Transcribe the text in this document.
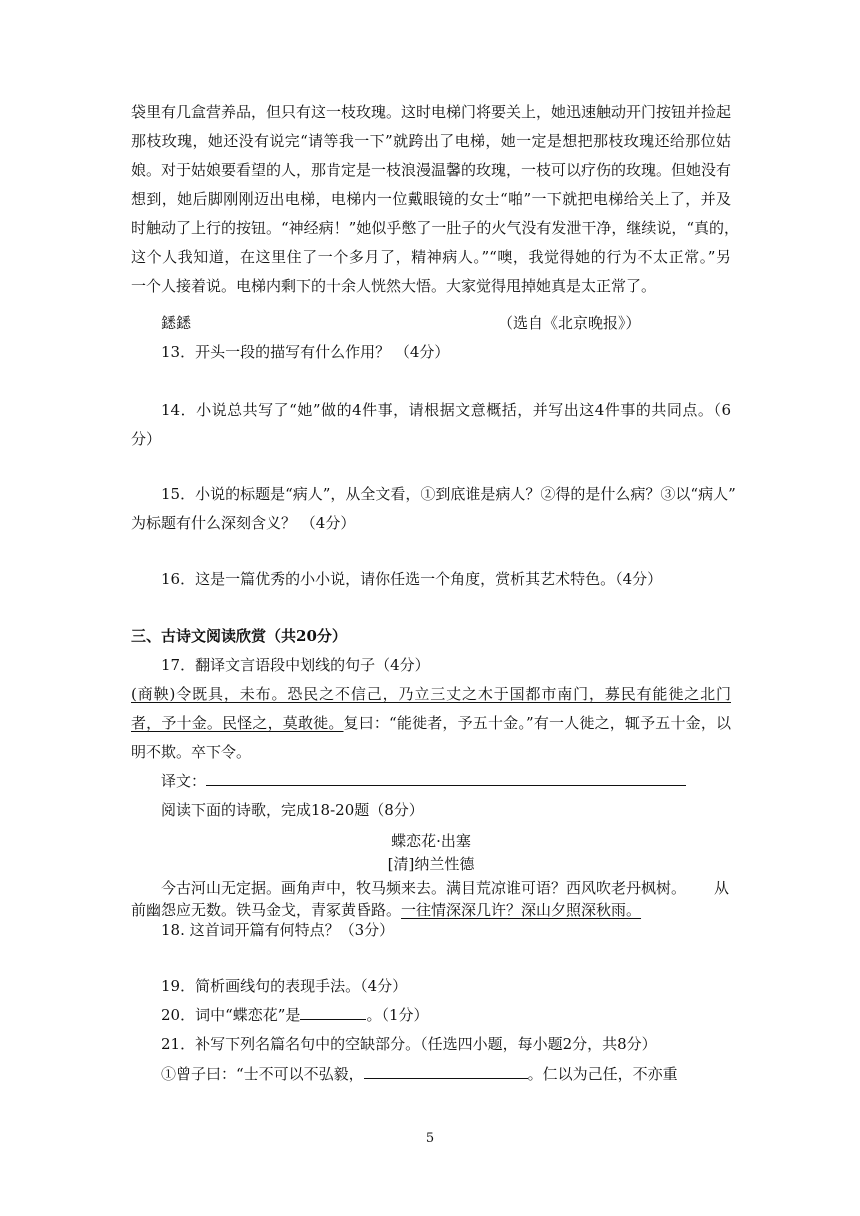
袋里有几盒营养品，但只有这一枝玫瑰。这时电梯门将要关上，她迅速触动开门按钮并捡起
那枝玫瑰，她还没有说完“请等我一下”就跨出了电梯，她一定是想把那枝玫瑰还给那位姑
娘。对于姑娘要看望的人，那肯定是一枝浪漫温馨的玫瑰，一枝可以疗伤的玫瑰。但她没有
想到，她后脚刚刚迈出电梯，电梯内一位戴眼镜的女士“啪”一下就把电梯给关上了，并及
时触动了上行的按钮。“神经病！”她似乎憋了一肚子的火气没有发泄干净，继续说，“真的，
这个人我知道，在这里住了一个多月了，精神病人。”“噢，我觉得她的行为不太正常。”另
一个人接着说。电梯内剩下的十余人恍然大悟。大家觉得甩掉她真是太正常了。
鏭鏭	（选自《北京晚报》）
13．开头一段的描写有什么作用？ （4分）
14．小说总共写了“她”做的4件事，请根据文意概括，并写出这4件事的共同点。（6
分）
15．小说的标题是“病人”，从全文看，①到底谁是病人？②得的是什么病？③以“病人”
为标题有什么深刻含义？ （4分）
16．这是一篇优秀的小小说，请你任选一个角度，赏析其艺术特色。（4分）
三、古诗文阅读欣赏（共20分）
17．翻译文言语段中划线的句子（4分）
(商鞅)令既具，未布。恐民之不信己，乃立三丈之木于国都市南门，募民有能徙之北门
者，予十金。民怪之，莫敢徙。复曰：“能徙者，予五十金。”有一人徙之，辄予五十金，以
明不欺。卒下令。
译文：
阅读下面的诗歌，完成18-20题（8分）
蝶恋花·出塞
[清]纳兰性德
今古河山无定据。画角声中，牧马频来去。满目荒凉谁可语？西风吹老丹枫树。 从
前幽怨应无数。铁马金戈，青冢黄昏路。一往情深深几许？深山夕照深秋雨。
18. 这首词开篇有何特点？（3分）
19．简析画线句的表现手法。（4分）
20．词中“蝶恋花”是	。（1分）
21．补写下列名篇名句中的空缺部分。（任选四小题，每小题2分，共8分）
①曾子曰：“士不可以不弘毅，	。仁以为己任，不亦重
5
